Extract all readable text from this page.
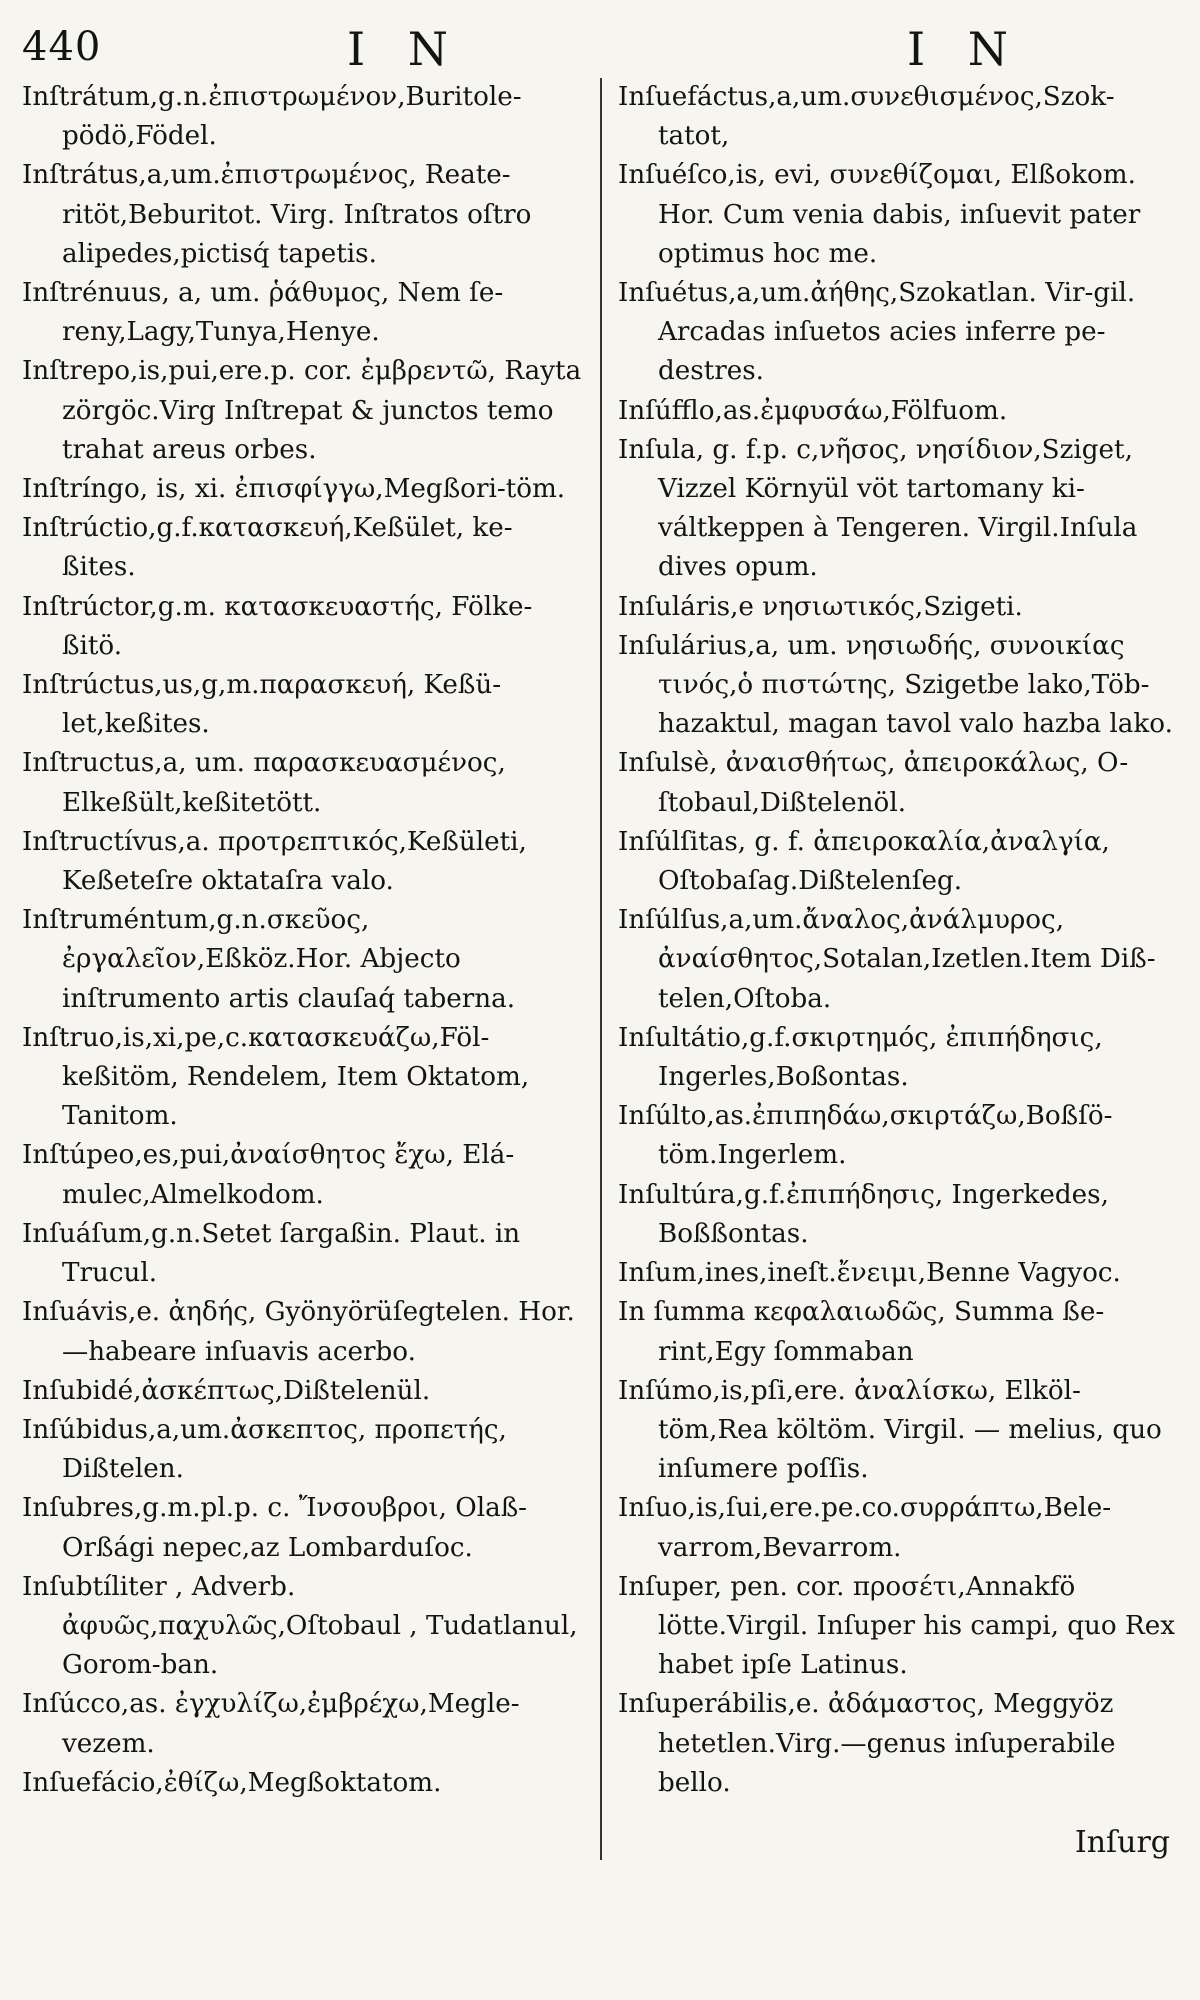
440	I N	I N

Inſtrátum,g.n.ἐπιστρωμένον,Buritole-pödö,Födel.

Inſtrátus,a,um.ἐπιστρωμένος, Reate-ritöt,Beburitot. Virg. Inſtratos oſtro alipedes,pictisq́ tapetis.

Inſtrénuus, a, um. ῥάθυμος, Nem ſe-reny,Lagy,Tunya,Henye.

Inſtrepo,is,pui,ere.p. cor. ἐμβρεντῶ, Rayta zörgöc.Virg Inſtrepat & junctos temo trahat areus orbes.

Inſtríngo, is, xi. ἐπισφίγγω,Megßori-töm.

Inſtrúctio,g.f.κατασκευή,Keßület, ke-ßites.

Inſtrúctor,g.m. κατασκευαστής, Fölke-ßitö.

Inſtrúctus,us,g,m.παρασκευή, Keßü-let,keßites.

Inſtructus,a, um. παρασκευασμένος, Elkeßült,keßitetött.

Inſtructívus,a. προτρεπτικός,Keßületi, Keßeteſre oktataſra valo.

Inſtruméntum,g.n.σκεῦος, ἐργαλεῖον,Eßköz.Hor. Abjecto inſtrumento artis clauſaq́ taberna.

Inſtruo,is,xi,pe,c.κατασκευάζω,Föl-keßitöm, Rendelem, Item Oktatom, Tanitom.

Inſtúpeo,es,pui,ἀναίσθητος ἔχω, Elá-mulec,Almelkodom.

Inſuáſum,g.n.Setet ſargaßin. Plaut. in Trucul.

Inſuávis,e. ἀηδής, Gyönyörüſegtelen. Hor.—habeare inſuavis acerbo.

Inſubidé,ἀσκέπτως,Dißtelenül.

Inſúbidus,a,um.ἀσκεπτος, προπετής, Dißtelen.

Inſubres,g.m.pl.p. c. Ἴνσουβροι, Olaß-Orßági nepec,az Lombarduſoc.

Inſubtíliter , Adverb. ἀφυῶς,παχυλῶς,Oſtobaul , Tudatlanul, Gorom-ban.

Inſúcco,as. ἐγχυλίζω,ἐμβρέχω,Megle-vezem.

Inſuefácio,ἐθίζω,Megßoktatom.

Inſuefáctus,a,um.συνεθισμένος,Szok-tatot,

Inſuéſco,is, evi, συνεθίζομαι, Elßokom. Hor. Cum venia dabis, inſuevit pater optimus hoc me.

Inſuétus,a,um.ἀήθης,Szokatlan. Vir-gil. Arcadas inſuetos acies inferre pe-destres.

Inſúfflo,as.ἐμφυσάω,Fölfuom.

Inſula, g. f.p. c,νῆσος, νησίδιον,Sziget, Vizzel Környül vöt tartomany ki-váltkeppen à Tengeren. Virgil.Inſula dives opum.

Inſuláris,e νησιωτικός,Szigeti.

Inſulárius,a, um. νησιωδής, συνοικίας τινός,ὁ πιστώτης, Szigetbe lako,Töb-hazaktul, magan tavol valo hazba lako.

Inſulsè, ἀναισθήτως, ἀπειροκάλως, O-ſtobaul,Dißtelenöl.

Inſúlſitas, g. f. ἀπειροκαλία,ἀναλγία, Oſtobaſag.Dißtelenſeg.

Inſúlſus,a,um.ἄναλος,ἀνάλμυρος, ἀναίσθητος,Sotalan,Izetlen.Item Diß-telen,Oſtoba.

Inſultátio,g.f.σκιρτημός, ἐπιπήδησις, Ingerles,Boßontas.

Inſúlto,as.ἐπιπηδάω,σκιρτάζω,Boßſö-töm.Ingerlem.

Inſultúra,g.f.ἐπιπήδησις, Ingerkedes, Boßßontas.

Inſum,ines,ineſt.ἔνειμι,Benne Vagyoc.

In ſumma κεφαλαιωδῶς, Summa ße-rint,Egy ſommaban

Inſúmo,is,pſi,ere. ἀναλίσκω, Elköl-töm,Rea költöm. Virgil. — melius, quo inſumere poſſis.

Inſuo,is,ſui,ere.pe.co.συρράπτω,Bele-varrom,Bevarrom.

Inſuper, pen. cor. προσέτι,Annakfö lötte.Virgil. Inſuper his campi, quo Rex habet ipſe Latinus.

Inſuperábilis,e. ἀδάμαστος, Meggyöz hetetlen.Virg.—genus inſuperabile bello.

Inſurg
